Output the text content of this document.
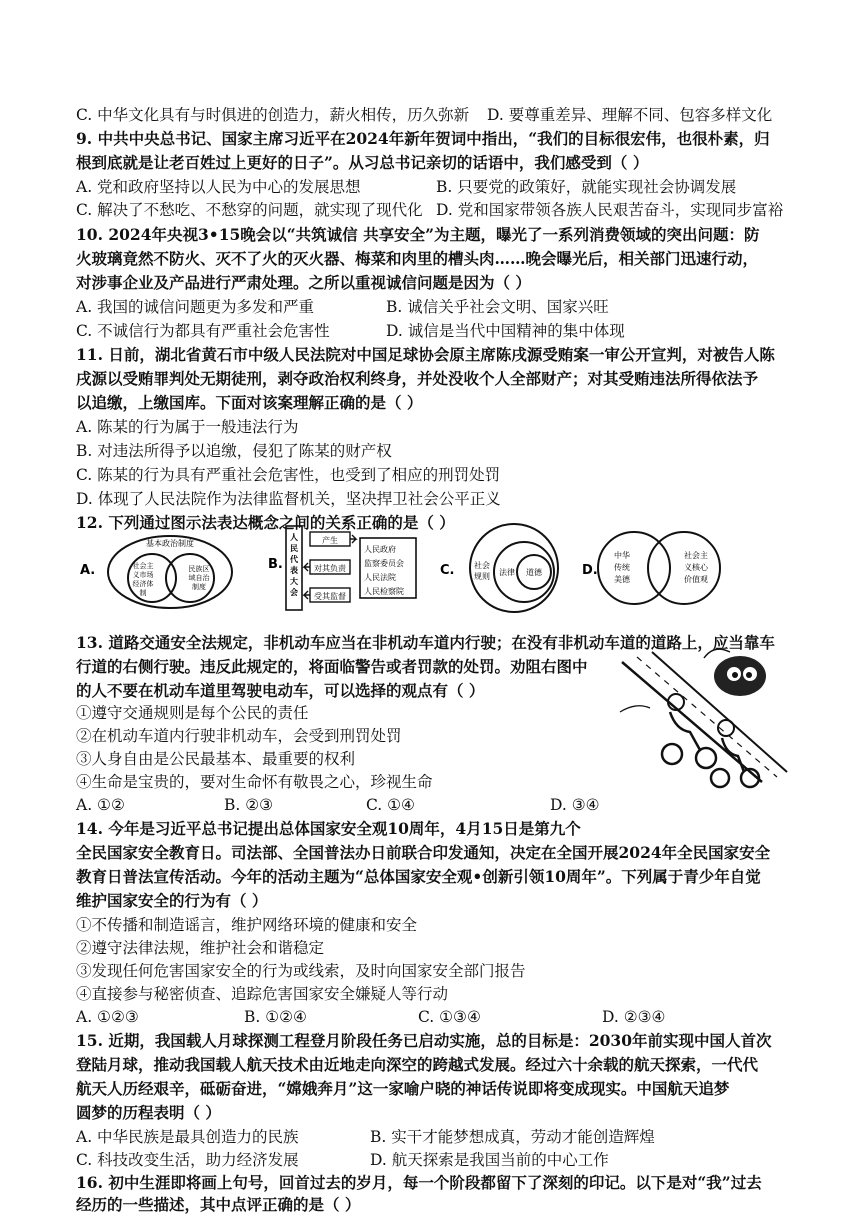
C. 中华文化具有与时俱进的创造力，薪火相传，历久弥新 D. 要尊重差异、理解不同、包容多样文化
9. 中共中央总书记、国家主席习近平在2024年新年贺词中指出，“我们的目标很宏伟，也很朴素，归
根到底就是让老百姓过上更好的日子”。从习总书记亲切的话语中，我们感受到（ ）
A. 党和政府坚持以人民为中心的发展思想	B. 只要党的政策好，就能实现社会协调发展
C. 解决了不愁吃、不愁穿的问题，就实现了现代化 D. 党和国家带领各族人民艰苦奋斗，实现同步富裕
10. 2024年央视3•15晚会以“共筑诚信 共享安全”为主题，曝光了一系列消费领域的突出问题：防
火玻璃竟然不防火、灭不了火的灭火器、梅菜和肉里的槽头肉……晚会曝光后，相关部门迅速行动，
对涉事企业及产品进行严肃处理。之所以重视诚信问题是因为（ ）
A. 我国的诚信问题更为多发和严重	B. 诚信关乎社会文明、国家兴旺
C. 不诚信行为都具有严重社会危害性	D. 诚信是当代中国精神的集中体现
11. 日前，湖北省黄石市中级人民法院对中国足球协会原主席陈戌源受贿案一审公开宣判，对被告人陈
戌源以受贿罪判处无期徒刑，剥夺政治权利终身，并处没收个人全部财产；对其受贿违法所得依法予
以追缴，上缴国库。下面对该案理解正确的是（ ）
A. 陈某的行为属于一般违法行为
B. 对违法所得予以追缴，侵犯了陈某的财产权
C. 陈某的行为具有严重社会危害性，也受到了相应的刑罚处罚
D. 体现了人民法院作为法律监督机关，坚决捍卫社会公平正义
12. 下列通过图示法表达概念之间的关系正确的是（ ）
A.
基本政治制度
社会主
义市场
经济体
制
民族区
域自治
制度
B.
人民代表大会
人民代表大会
产生
对其负责
受其监督
人民政府
监察委员会
人民法院
人民检察院
C. 社会
规则 法律 道德	D.
中华
传统
美德
社会主
义核心
价值观
13. 道路交通安全法规定，非机动车应当在非机动车道内行驶；在没有非机动车道的道路上，应当靠车
行道的右侧行驶。违反此规定的，将面临警告或者罚款的处罚。劝阻右图中
的人不要在机动车道里驾驶电动车，可以选择的观点有（ ）
①遵守交通规则是每个公民的责任
②在机动车道内行驶非机动车，会受到刑罚处罚
③人身自由是公民最基本、最重要的权利
④生命是宝贵的，要对生命怀有敬畏之心，珍视生命
A. ①②	B. ②③	C. ①④	D. ③④
14. 今年是习近平总书记提出总体国家安全观10周年，4月15日是第九个
全民国家安全教育日。司法部、全国普法办日前联合印发通知，决定在全国开展2024年全民国家安全
教育日普法宣传活动。今年的活动主题为“总体国家安全观•创新引领10周年”。下列属于青少年自觉
维护国家安全的行为有（ ）
①不传播和制造谣言，维护网络环境的健康和安全
②遵守法律法规，维护社会和谐稳定
③发现任何危害国家安全的行为或线索，及时向国家安全部门报告
④直接参与秘密侦查、追踪危害国家安全嫌疑人等行动
A. ①②③	B. ①②④	C. ①③④	D. ②③④
15. 近期，我国载人月球探测工程登月阶段任务已启动实施，总的目标是：2030年前实现中国人首次
登陆月球，推动我国载人航天技术由近地走向深空的跨越式发展。经过六十余载的航天探索，一代代
航天人历经艰辛，砥砺奋进，“嫦娥奔月”这一家喻户晓的神话传说即将变成现实。中国航天追梦
圆梦的历程表明（ ）
A. 中华民族是最具创造力的民族	B. 实干才能梦想成真，劳动才能创造辉煌
C. 科技改变生活，助力经济发展	D. 航天探索是我国当前的中心工作
16. 初中生涯即将画上句号，回首过去的岁月，每一个阶段都留下了深刻的印记。以下是对“我”过去
经历的一些描述，其中点评正确的是（ ）
